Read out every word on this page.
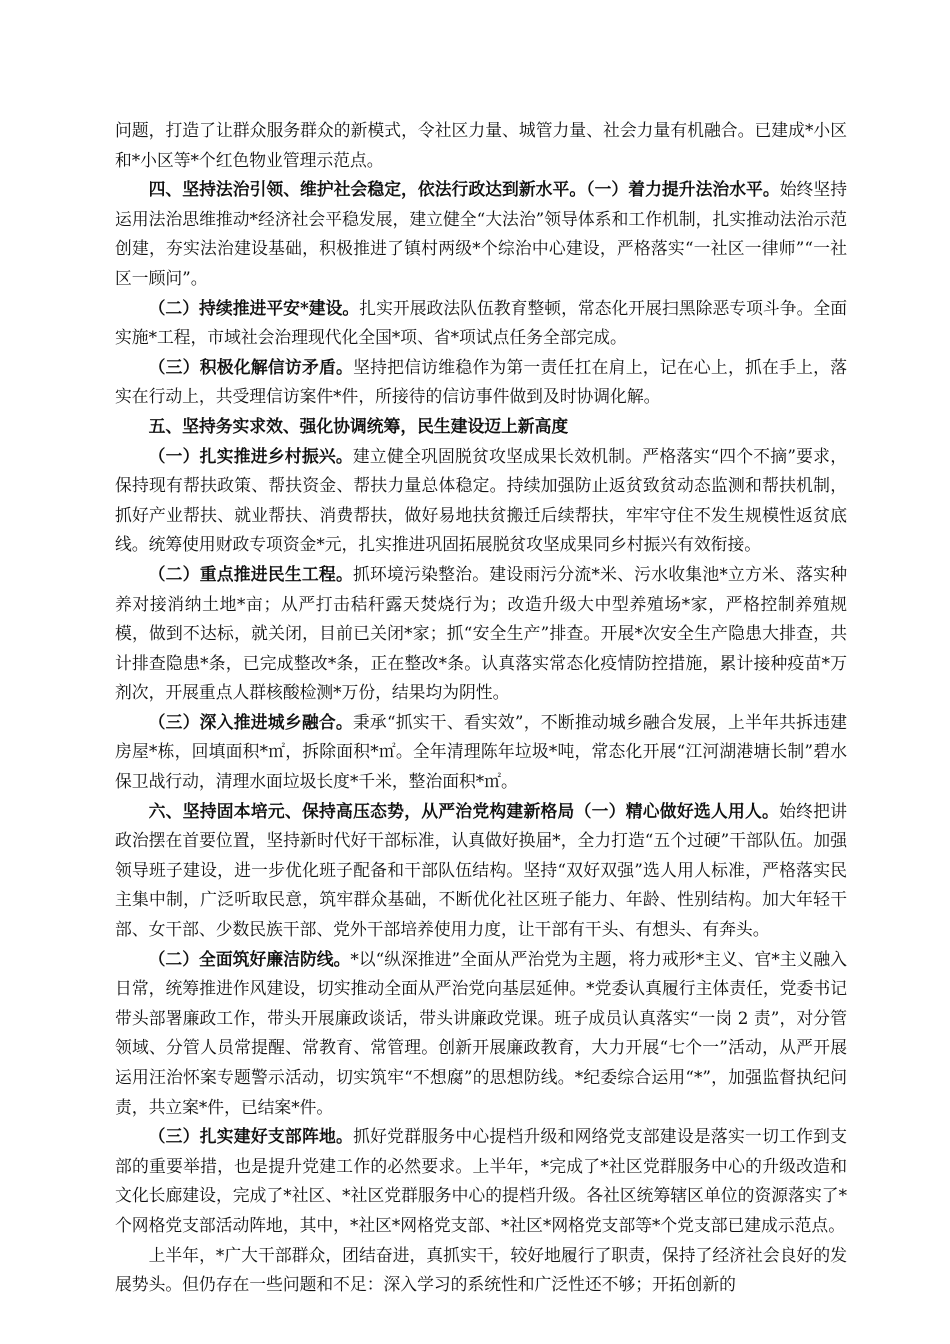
问题，打造了让群众服务群众的新模式，令社区力量、城管力量、社会力量有机融合。已建成*小区和*小区等*个红色物业管理示范点。

四、坚持法治引领、维护社会稳定，依法行政达到新水平。（一）着力提升法治水平。始终坚持运用法治思维推动*经济社会平稳发展，建立健全“大法治”领导体系和工作机制，扎实推动法治示范创建，夯实法治建设基础，积极推进了镇村两级*个综治中心建设，严格落实“一社区一律师”“一社区一顾问”。

（二）持续推进平安*建设。扎实开展政法队伍教育整顿，常态化开展扫黑除恶专项斗争。全面实施*工程，市域社会治理现代化全国*项、省*项试点任务全部完成。

（三）积极化解信访矛盾。坚持把信访维稳作为第一责任扛在肩上，记在心上，抓在手上，落实在行动上，共受理信访案件*件，所接待的信访事件做到及时协调化解。

五、坚持务实求效、强化协调统筹，民生建设迈上新高度

（一）扎实推进乡村振兴。建立健全巩固脱贫攻坚成果长效机制。严格落实“四个不摘”要求，保持现有帮扶政策、帮扶资金、帮扶力量总体稳定。持续加强防止返贫致贫动态监测和帮扶机制，抓好产业帮扶、就业帮扶、消费帮扶，做好易地扶贫搬迁后续帮扶，牢牢守住不发生规模性返贫底线。统筹使用财政专项资金*元，扎实推进巩固拓展脱贫攻坚成果同乡村振兴有效衔接。

（二）重点推进民生工程。抓环境污染整治。建设雨污分流*米、污水收集池*立方米、落实种养对接消纳土地*亩；从严打击秸秆露天焚烧行为；改造升级大中型养殖场*家，严格控制养殖规模，做到不达标，就关闭，目前已关闭*家；抓“安全生产”排查。开展*次安全生产隐患大排查，共计排查隐患*条，已完成整改*条，正在整改*条。认真落实常态化疫情防控措施，累计接种疫苗*万剂次，开展重点人群核酸检测*万份，结果均为阴性。

（三）深入推进城乡融合。秉承“抓实干、看实效”，不断推动城乡融合发展，上半年共拆违建房屋*栋，回填面积*㎡，拆除面积*㎡。全年清理陈年垃圾*吨，常态化开展“江河湖港塘长制”碧水保卫战行动，清理水面垃圾长度*千米，整治面积*㎡。

六、坚持固本培元、保持高压态势，从严治党构建新格局（一）精心做好选人用人。始终把讲政治摆在首要位置，坚持新时代好干部标准，认真做好换届*，全力打造“五个过硬”干部队伍。加强领导班子建设，进一步优化班子配备和干部队伍结构。坚持“双好双强”选人用人标准，严格落实民主集中制，广泛听取民意，筑牢群众基础，不断优化社区班子能力、年龄、性别结构。加大年轻干部、女干部、少数民族干部、党外干部培养使用力度，让干部有干头、有想头、有奔头。

（二）全面筑好廉洁防线。*以“纵深推进”全面从严治党为主题，将力戒形*主义、官*主义融入日常，统筹推进作风建设，切实推动全面从严治党向基层延伸。*党委认真履行主体责任，党委书记带头部署廉政工作，带头开展廉政谈话，带头讲廉政党课。班子成员认真落实“一岗 2 责”，对分管领域、分管人员常提醒、常教育、常管理。创新开展廉政教育，大力开展“七个一”活动，从严开展运用汪治怀案专题警示活动，切实筑牢“不想腐”的思想防线。*纪委综合运用“*”，加强监督执纪问责，共立案*件，已结案*件。

（三）扎实建好支部阵地。抓好党群服务中心提档升级和网络党支部建设是落实一切工作到支部的重要举措，也是提升党建工作的必然要求。上半年，*完成了*社区党群服务中心的升级改造和文化长廊建设，完成了*社区、*社区党群服务中心的提档升级。各社区统筹辖区单位的资源落实了*个网格党支部活动阵地，其中，*社区*网格党支部、*社区*网格党支部等*个党支部已建成示范点。

上半年，*广大干部群众，团结奋进，真抓实干，较好地履行了职责，保持了经济社会良好的发展势头。但仍存在一些问题和不足：深入学习的系统性和广泛性还不够；开拓创新的
